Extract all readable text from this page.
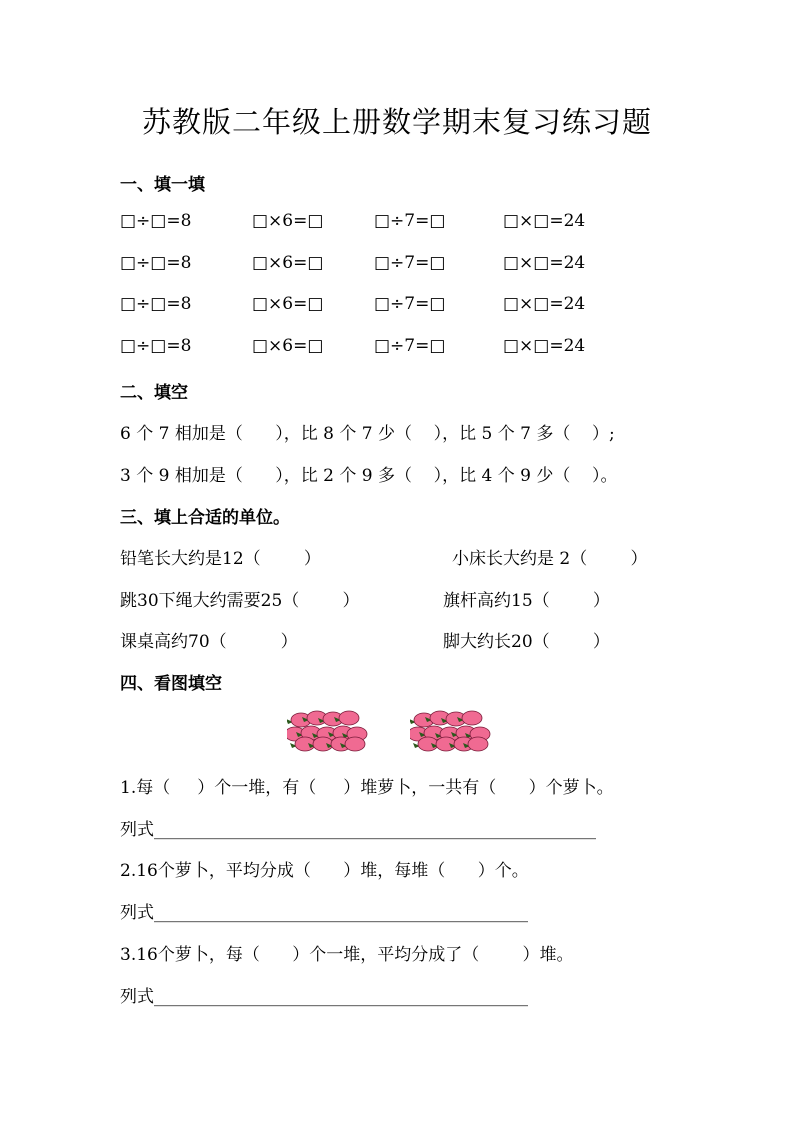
苏教版二年级上册数学期末复习练习题
一、填一填
□÷□=8	□×6=□	□÷7=□	□×□=24
□÷□=8	□×6=□	□÷7=□	□×□=24
□÷□=8	□×6=□	□÷7=□	□×□=24
□÷□=8	□×6=□	□÷7=□	□×□=24
二、填空
6 个 7 相加是（      ），比 8 个 7 少（    ），比 5 个 7 多（    ）;
3 个 9 相加是（      ），比 2 个 9 多（    ），比 4 个 9 少（    ）。
三、填上合适的单位。
铅笔长大约是12（        ）	小床长大约是 2（        ）
跳30下绳大约需要25（        ）	旗杆高约15（        ）
课桌高约70（          ）	脚大约长20（        ）
四、看图填空
1.每（     ）个一堆，有（     ）堆萝卜，一共有（      ）个萝卜。
列式____________________________________________________
2.16个萝卜，平均分成（      ）堆，每堆（      ）个。
列式____________________________________________
3.16个萝卜，每（      ）个一堆，平均分成了（        ）堆。
列式____________________________________________
